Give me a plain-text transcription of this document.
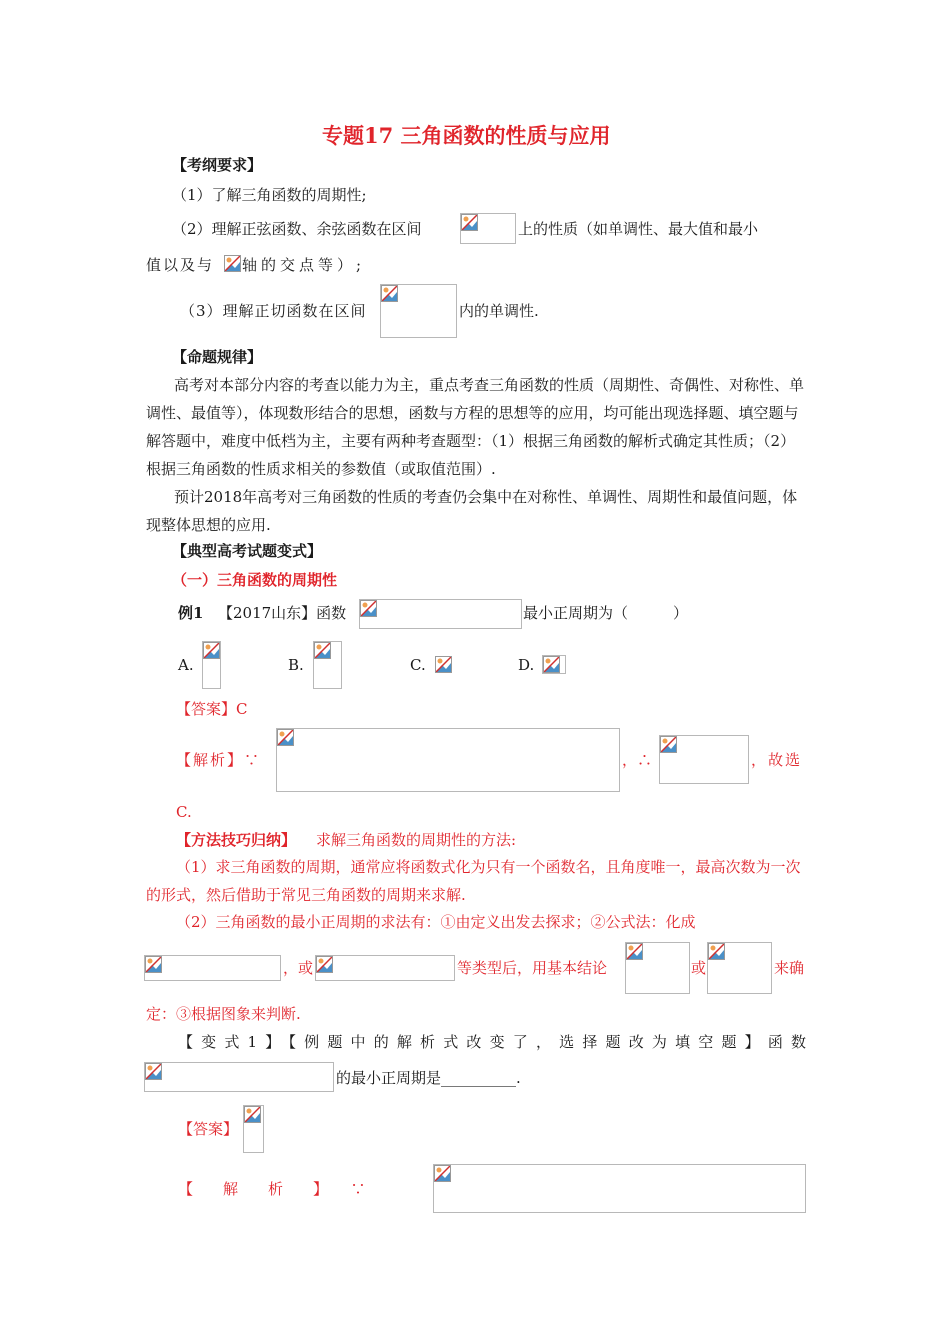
专题17 三角函数的性质与应用
【考纲要求】
（1）了解三角函数的周期性;
（2）理解正弦函数、余弦函数在区间	上的性质（如单调性、最大值和最小
值以及与 轴的交点等）;
（3）理解正切函数在区间	内的单调性.
【命题规律】
高考对本部分内容的考查以能力为主，重点考查三角函数的性质（周期性、奇偶性、对称性、单调性、最值等），体现数形结合的思想，函数与方程的思想等的应用，均可能出现选择题、填空题与解答题中，难度中低档为主，主要有两种考查题型：（1）根据三角函数的解析式确定其性质；（2）根据三角函数的性质求相关的参数值（或取值范围）.
预计2018年高考对三角函数的性质的考查仍会集中在对称性、单调性、周期性和最值问题，体现整体思想的应用.
【典型高考试题变式】
（一）三角函数的周期性
例1 【2017山东】函数	最小正周期为（　　　）
A.	B.	C.	D.
【答案】C
【解析】∵	，∴	，故选
C.
【方法技巧归纳】 求解三角函数的周期性的方法:
（1）求三角函数的周期，通常应将函数式化为只有一个函数名，且角度唯一，最高次数为一次的形式，然后借助于常见三角函数的周期来求解.
（2）三角函数的最小正周期的求法有：①由定义出发去探求；②公式法：化成
，或	等类型后，用基本结论	或	来确
定：③根据图象来判断.
【变式1】【例题中的解析式改变了，选择题改为填空题】函数
的最小正周期是__________.
【答案】
【　　解　　析　　】　　∵
